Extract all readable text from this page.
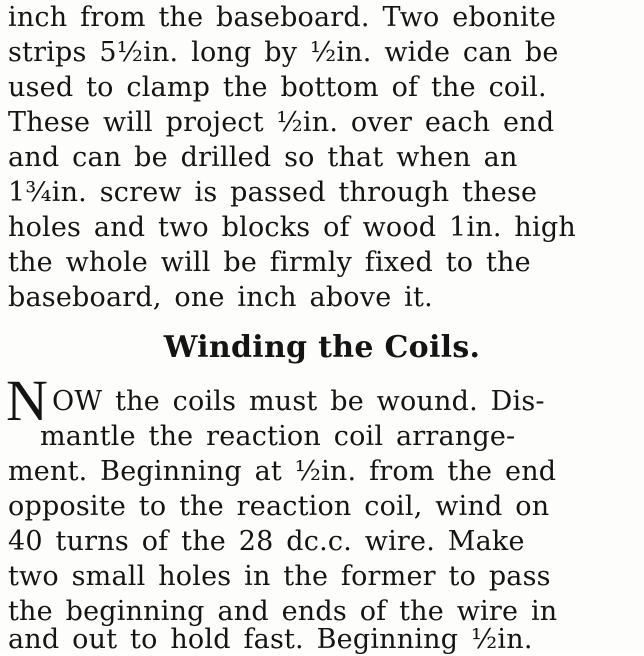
inch from the baseboard. Two ebonite
strips 5½in. long by ½in. wide can be
used to clamp the bottom of the coil.
These will project ½in. over each end
and can be drilled so that when an
1¾in. screw is passed through these
holes and two blocks of wood 1in. high
the whole will be firmly fixed to the
baseboard, one inch above it.
Winding the Coils.
N OW the coils must be wound. Dis-
mantle the reaction coil arrange-
ment. Beginning at ½in. from the end
opposite to the reaction coil, wind on
40 turns of the 28 dc.c. wire. Make
two small holes in the former to pass
the beginning and ends of the wire in
and out to hold fast. Beginning ½in.
